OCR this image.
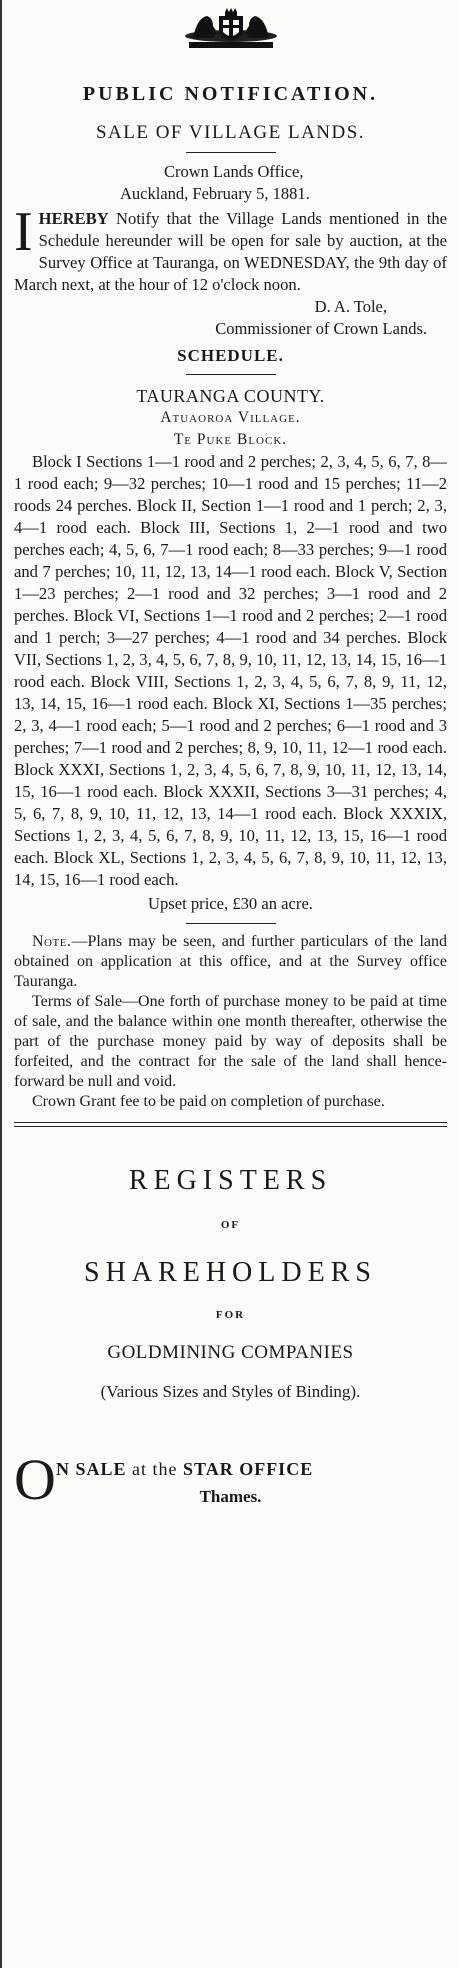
PUBLIC NOTIFICATION.
SALE OF VILLAGE LANDS.
Crown Lands Office,
Auckland, February 5, 1881.
IHEREBY Notify that the Village Lands mentioned in the Schedule hereunder will be open for sale by auction, at the Survey Office at Tauranga, on WEDNESDAY, the 9th day of March next, at the hour of 12 o'clock noon.
D. A. Tole,
Commissioner of Crown Lands.
SCHEDULE.
TAURANGA COUNTY.
Atuaoroa Village.
Te Puke Block.
Block I Sections 1—1 rood and 2 perches; 2, 3, 4, 5, 6, 7, 8—1 rood each; 9—32 perches; 10—1 rood and 15 perches; 11—2 roods 24 perches. Block II, Section 1—1 rood and 1 perch; 2, 3, 4—1 rood each. Block III, Sections 1, 2—1 rood and two perches each; 4, 5, 6, 7—1 rood each; 8—33 perches; 9—1 rood and 7 perches; 10, 11, 12, 13, 14—1 rood each. Block V, Section 1—23 perches; 2—1 rood and 32 perches; 3—1 rood and 2 perches. Block VI, Sections 1—1 rood and 2 perches; 2—1 rood and 1 perch; 3—27 perches; 4—1 rood and 34 perches. Block VII, Sections 1, 2, 3, 4, 5, 6, 7, 8, 9, 10, 11, 12, 13, 14, 15, 16—1 rood each. Block VIII, Sections 1, 2, 3, 4, 5, 6, 7, 8, 9, 11, 12, 13, 14, 15, 16—1 rood each. Block XI, Sections 1—35 perches; 2, 3, 4—1 rood each; 5—1 rood and 2 perches; 6—1 rood and 3 perches; 7—1 rood and 2 perches; 8, 9, 10, 11, 12—1 rood each. Block XXXI, Sections 1, 2, 3, 4, 5, 6, 7, 8, 9, 10, 11, 12, 13, 14, 15, 16—1 rood each. Block XXXII, Sections 3—31 perches; 4, 5, 6, 7, 8, 9, 10, 11, 12, 13, 14—1 rood each. Block XXXIX, Sections 1, 2, 3, 4, 5, 6, 7, 8, 9, 10, 11, 12, 13, 15, 16—1 rood each. Block XL, Sections 1, 2, 3, 4, 5, 6, 7, 8, 9, 10, 11, 12, 13, 14, 15, 16—1 rood each.
Upset price, £30 an acre.
Note.—Plans may be seen, and further particulars of the land obtained on application at this office, and at the Survey office Tauranga.
Terms of Sale—One forth of purchase money to be paid at time of sale, and the balance within one month thereafter, otherwise the part of the purchase money paid by way of deposits shall be forfeited, and the contract for the sale of the land shall hence-forward be null and void.
Crown Grant fee to be paid on completion of purchase.
REGISTERS
OF
SHAREHOLDERS
FOR
GOLDMINING COMPANIES
(Various Sizes and Styles of Binding).
O N SALE at the STAR OFFICE
Thames.
